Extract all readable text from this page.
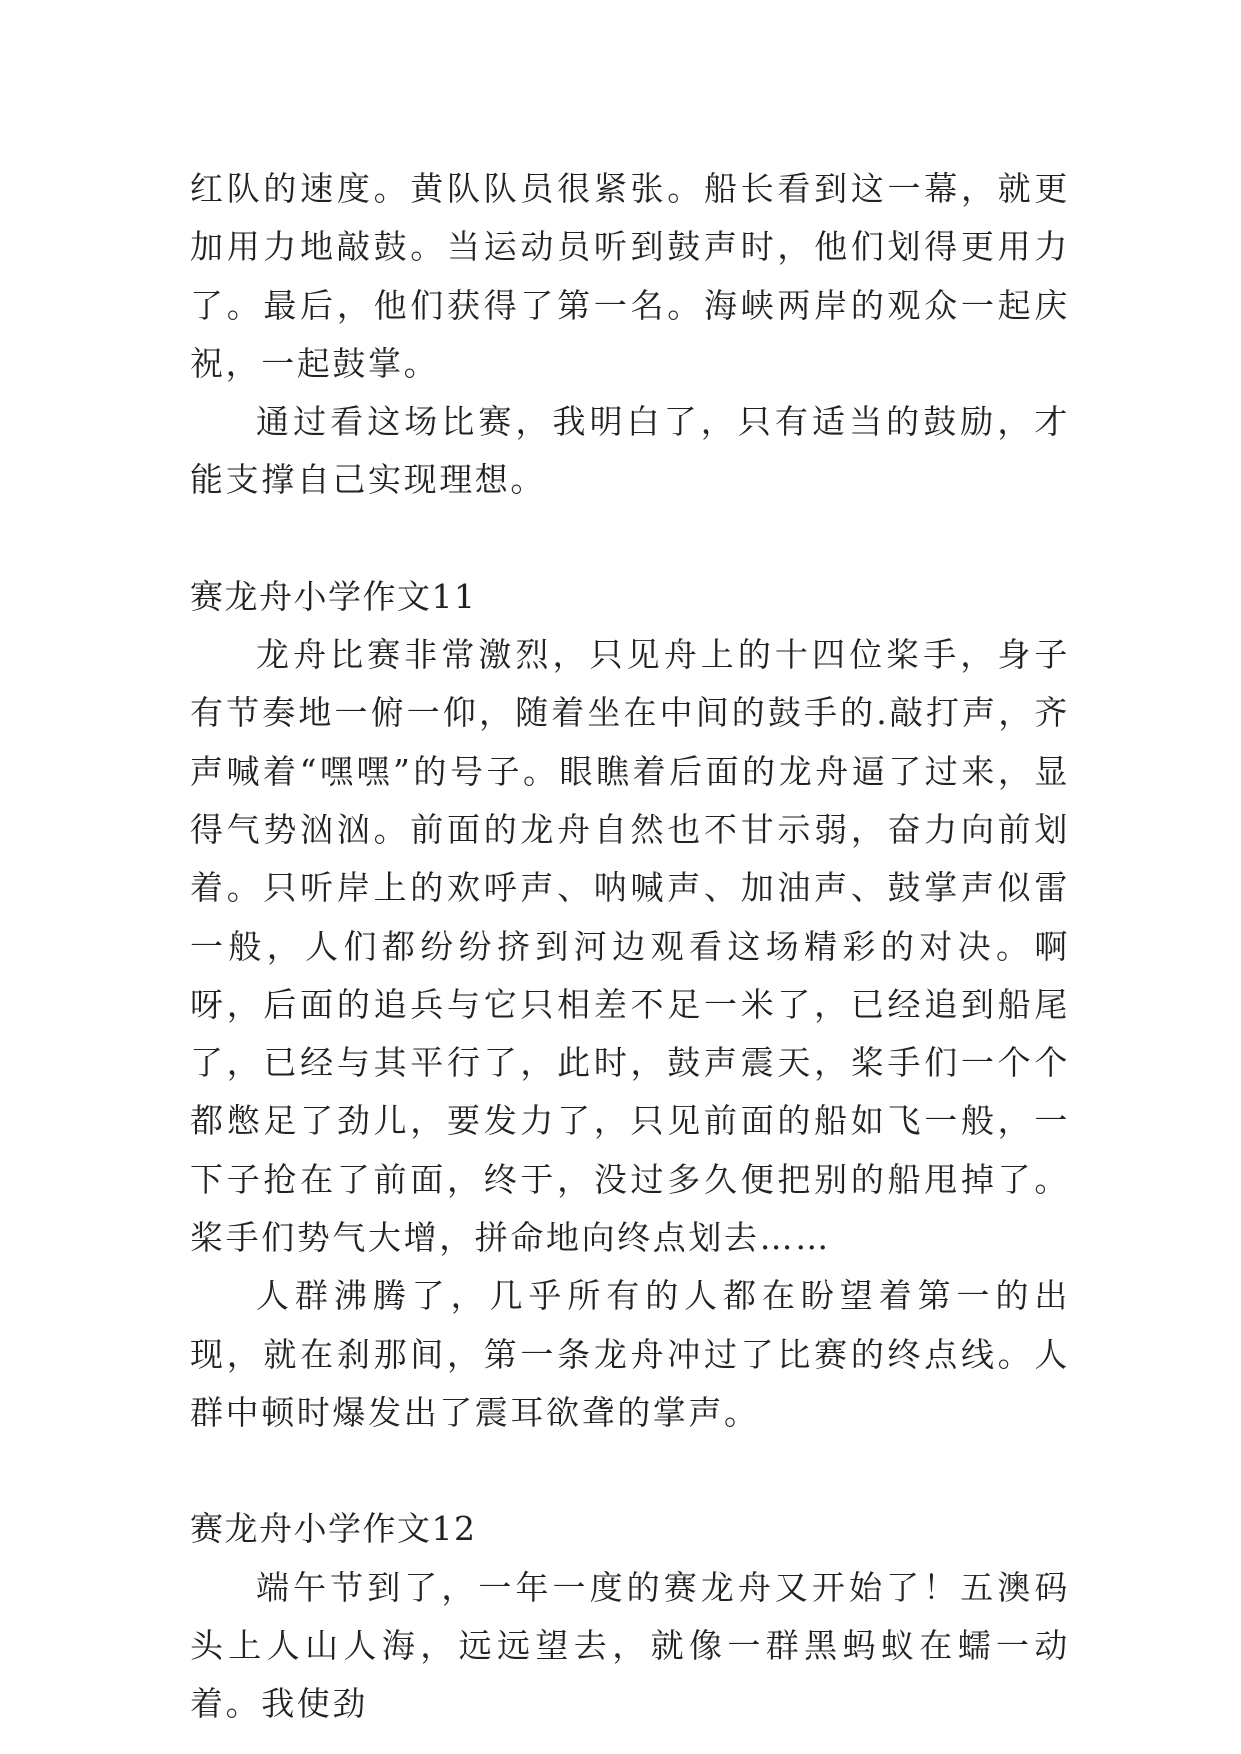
红队的速度。黄队队员很紧张。船长看到这一幕，就更加用力地敲鼓。当运动员听到鼓声时，他们划得更用力了。最后，他们获得了第一名。海峡两岸的观众一起庆祝，一起鼓掌。

通过看这场比赛，我明白了，只有适当的鼓励，才能支撑自己实现理想。

赛龙舟小学作文11

龙舟比赛非常激烈，只见舟上的十四位桨手，身子有节奏地一俯一仰，随着坐在中间的鼓手的.敲打声，齐声喊着“嘿嘿”的号子。眼瞧着后面的龙舟逼了过来，显得气势汹汹。前面的龙舟自然也不甘示弱，奋力向前划着。只听岸上的欢呼声、呐喊声、加油声、鼓掌声似雷一般，人们都纷纷挤到河边观看这场精彩的对决。啊呀，后面的追兵与它只相差不足一米了，已经追到船尾了，已经与其平行了，此时，鼓声震天，桨手们一个个都憋足了劲儿，要发力了，只见前面的船如飞一般，一下子抢在了前面，终于，没过多久便把别的船甩掉了。桨手们势气大增，拼命地向终点划去……

人群沸腾了，几乎所有的人都在盼望着第一的出现，就在刹那间，第一条龙舟冲过了比赛的终点线。人群中顿时爆发出了震耳欲聋的掌声。

赛龙舟小学作文12

端午节到了，一年一度的赛龙舟又开始了！五澳码头上人山人海，远远望去，就像一群黑蚂蚁在蠕一动着。我使劲
